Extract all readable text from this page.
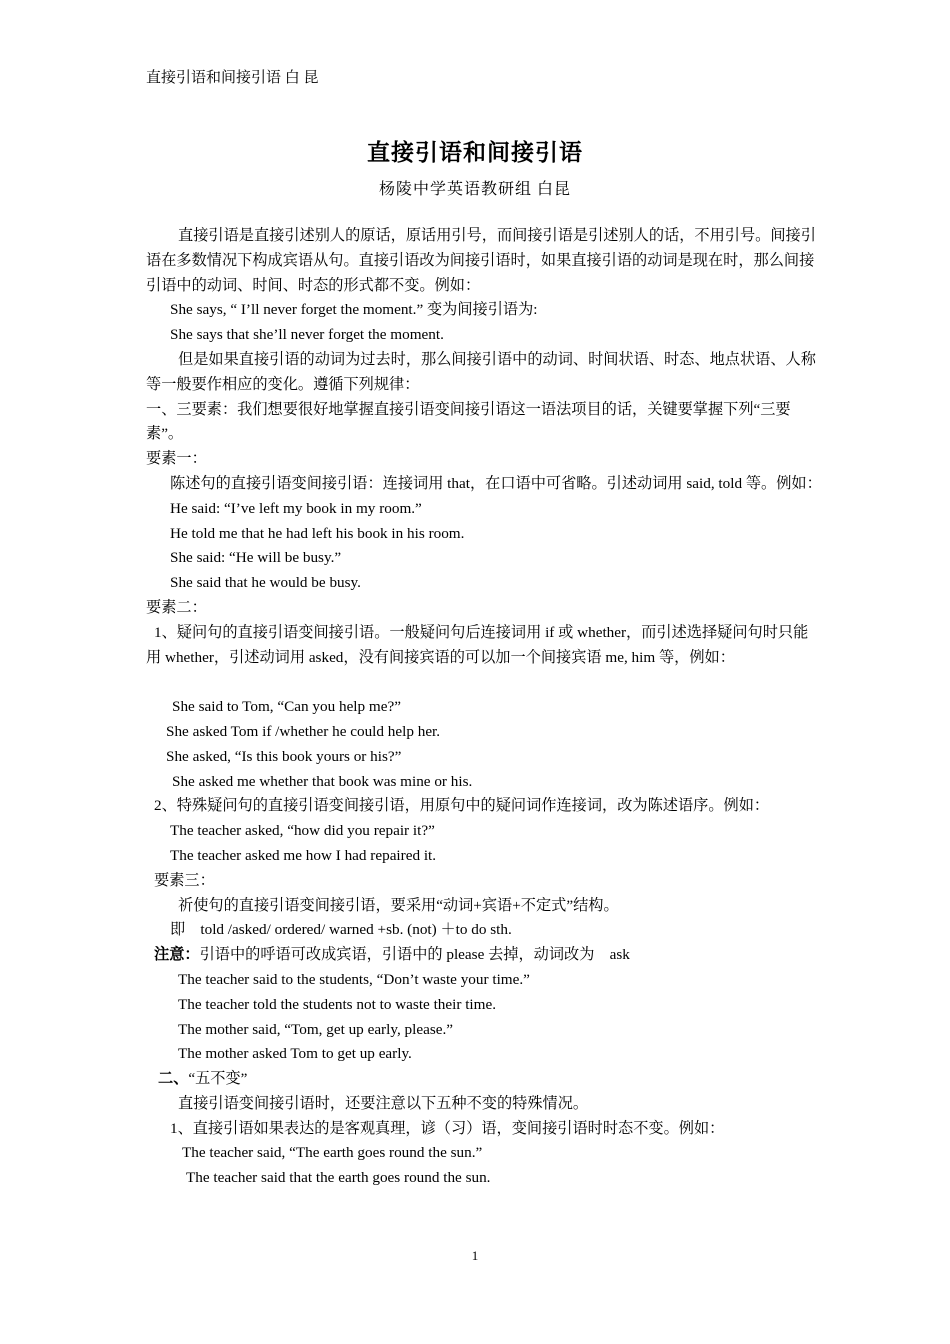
直接引语和间接引语 白 昆
直接引语和间接引语
杨陵中学英语教研组 白昆

直接引语是直接引述别人的原话，原话用引号，而间接引语是引述别人的话，不用引号。间接引语在多数情况下构成宾语从句。直接引语改为间接引语时，如果直接引语的动词是现在时，那么间接引语中的动词、时间、时态的形式都不变。例如：

She says, “ I’ll never forget the moment.” 变为间接引语为:

She says that she’ll never forget the moment.

但是如果直接引语的动词为过去时，那么间接引语中的动词、时间状语、时态、地点状语、人称等一般要作相应的变化。遵循下列规律：

一、三要素：我们想要很好地掌握直接引语变间接引语这一语法项目的话，关键要掌握下列“三要素”。

要素一：

陈述句的直接引语变间接引语：连接词用 that，在口语中可省略。引述动词用 said, told 等。例如：

He said: “I’ve left my book in my room.”

He told me that he had left his book in his room.

She said: “He will be busy.”

She said that he would be busy.

要素二：

1、疑问句的直接引语变间接引语。一般疑问句后连接词用 if 或 whether，而引述选择疑问句时只能用 whether，引述动词用 asked，没有间接宾语的可以加一个间接宾语 me, him 等，例如：

She said to Tom, “Can you help me?”

She asked Tom if /whether he could help her.

She asked, “Is this book yours or his?”

She asked me whether that book was mine or his.

2、特殊疑问句的直接引语变间接引语，用原句中的疑问词作连接词，改为陈述语序。例如：

The teacher asked, “how did you repair it?”

The teacher asked me how I had repaired it.

要素三：

祈使句的直接引语变间接引语，要采用“动词+宾语+不定式”结构。

即　told /asked/ ordered/ warned +sb. (not) ＋to do sth.

注意：引语中的呼语可改成宾语，引语中的 please 去掉，动词改为　ask

The teacher said to the students, “Don’t waste your time.”

The teacher told the students not to waste their time.

The mother said, “Tom, get up early, please.”

The mother asked Tom to get up early.

二、“五不变”

直接引语变间接引语时，还要注意以下五种不变的特殊情况。

1、直接引语如果表达的是客观真理，谚（习）语，变间接引语时时态不变。例如：

The teacher said, “The earth goes round the sun.”

The teacher said that the earth goes round the sun.

1
